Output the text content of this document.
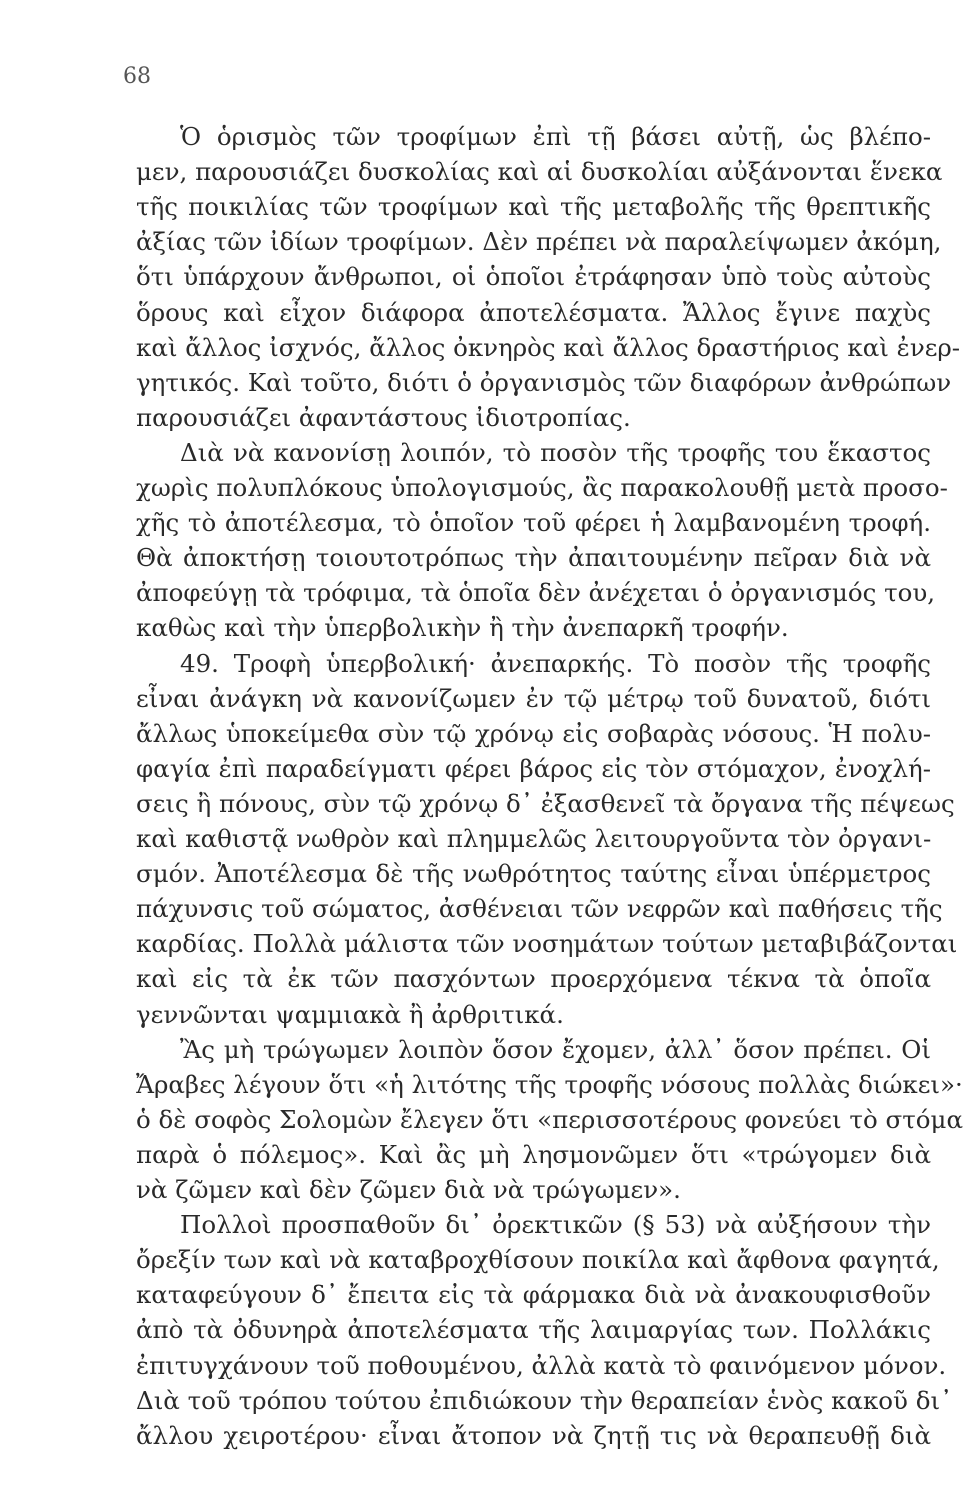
68
Ὁ ὁρισμὸς τῶν τροφίμων ἐπὶ τῇ βάσει αὐτῇ, ὡς βλέπο-
μεν, παρουσιάζει δυσκολίας καὶ αἱ δυσκολίαι αὐξάνονται ἕνεκα
τῆς ποικιλίας τῶν τροφίμων καὶ τῆς μεταβολῆς τῆς θρεπτικῆς
ἀξίας τῶν ἰδίων τροφίμων. Δὲν πρέπει νὰ παραλείψωμεν ἀκόμη,
ὅτι ὑπάρχουν ἄνθρωποι, οἱ ὁποῖοι ἐτράφησαν ὑπὸ τοὺς αὐτοὺς
ὅρους καὶ εἶχον διάφορα ἀποτελέσματα. Ἄλλος ἔγινε παχὺς
καὶ ἄλλος ἰσχνός, ἄλλος ὀκνηρὸς καὶ ἄλλος δραστήριος καὶ ἐνερ-
γητικός. Καὶ τοῦτο, διότι ὁ ὀργανισμὸς τῶν διαφόρων ἀνθρώπων
παρουσιάζει ἀφαντάστους ἰδιοτροπίας.
Διὰ νὰ κανονίσῃ λοιπόν, τὸ ποσὸν τῆς τροφῆς του ἕκαστος
χωρὶς πολυπλόκους ὑπολογισμούς, ἂς παρακολουθῇ μετὰ προσο-
χῆς τὸ ἀποτέλεσμα, τὸ ὁποῖον τοῦ φέρει ἡ λαμβανομένη τροφή.
Θὰ ἀποκτήσῃ τοιουτοτρόπως τὴν ἀπαιτουμένην πεῖραν διὰ νὰ
ἀποφεύγῃ τὰ τρόφιμα, τὰ ὁποῖα δὲν ἀνέχεται ὁ ὀργανισμός του,
καθὼς καὶ τὴν ὑπερβολικὴν ἢ τὴν ἀνεπαρκῆ τροφήν.
49. Τροφὴ ὑπερβολική· ἀνεπαρκής. Τὸ ποσὸν τῆς τροφῆς
εἶναι ἀνάγκη νὰ κανονίζωμεν ἐν τῷ μέτρῳ τοῦ δυνατοῦ, διότι
ἄλλως ὑποκείμεθα σὺν τῷ χρόνῳ εἰς σοβαρὰς νόσους. Ἡ πολυ-
φαγία ἐπὶ παραδείγματι φέρει βάρος εἰς τὸν στόμαχον, ἐνοχλή-
σεις ἢ πόνους, σὺν τῷ χρόνῳ δ᾽ ἐξασθενεῖ τὰ ὄργανα τῆς πέψεως
καὶ καθιστᾷ νωθρὸν καὶ πλημμελῶς λειτουργοῦντα τὸν ὀργανι-
σμόν. Ἀποτέλεσμα δὲ τῆς νωθρότητος ταύτης εἶναι ὑπέρμετρος
πάχυνσις τοῦ σώματος, ἀσθένειαι τῶν νεφρῶν καὶ παθήσεις τῆς
καρδίας. Πολλὰ μάλιστα τῶν νοσημάτων τούτων μεταβιβάζονται
καὶ εἰς τὰ ἐκ τῶν πασχόντων προερχόμενα τέκνα τὰ ὁποῖα
γεννῶνται ψαμμιακὰ ἢ ἀρθριτικά.
Ἂς μὴ τρώγωμεν λοιπὸν ὅσον ἔχομεν, ἀλλ᾽ ὅσον πρέπει. Οἱ
Ἄραβες λέγουν ὅτι «ἡ λιτότης τῆς τροφῆς νόσους πολλὰς διώκει»·
ὁ δὲ σοφὸς Σολομὼν ἔλεγεν ὅτι «περισσοτέρους φονεύει τὸ στόμα
παρὰ ὁ πόλεμος». Καὶ ἂς μὴ λησμονῶμεν ὅτι «τρώγομεν διὰ
νὰ ζῶμεν καὶ δὲν ζῶμεν διὰ νὰ τρώγωμεν».
Πολλοὶ προσπαθοῦν δι᾽ ὀρεκτικῶν (§ 53) νὰ αὐξήσουν τὴν
ὄρεξίν των καὶ νὰ καταβροχθίσουν ποικίλα καὶ ἄφθονα φαγητά,
καταφεύγουν δ᾽ ἔπειτα εἰς τὰ φάρμακα διὰ νὰ ἀνακουφισθοῦν
ἀπὸ τὰ ὀδυνηρὰ ἀποτελέσματα τῆς λαιμαργίας των. Πολλάκις
ἐπιτυγχάνουν τοῦ ποθουμένου, ἀλλὰ κατὰ τὸ φαινόμενον μόνον.
Διὰ τοῦ τρόπου τούτου ἐπιδιώκουν τὴν θεραπείαν ἑνὸς κακοῦ δι᾽
ἄλλου χειροτέρου· εἶναι ἄτοπον νὰ ζητῇ τις νὰ θεραπευθῇ διὰ
